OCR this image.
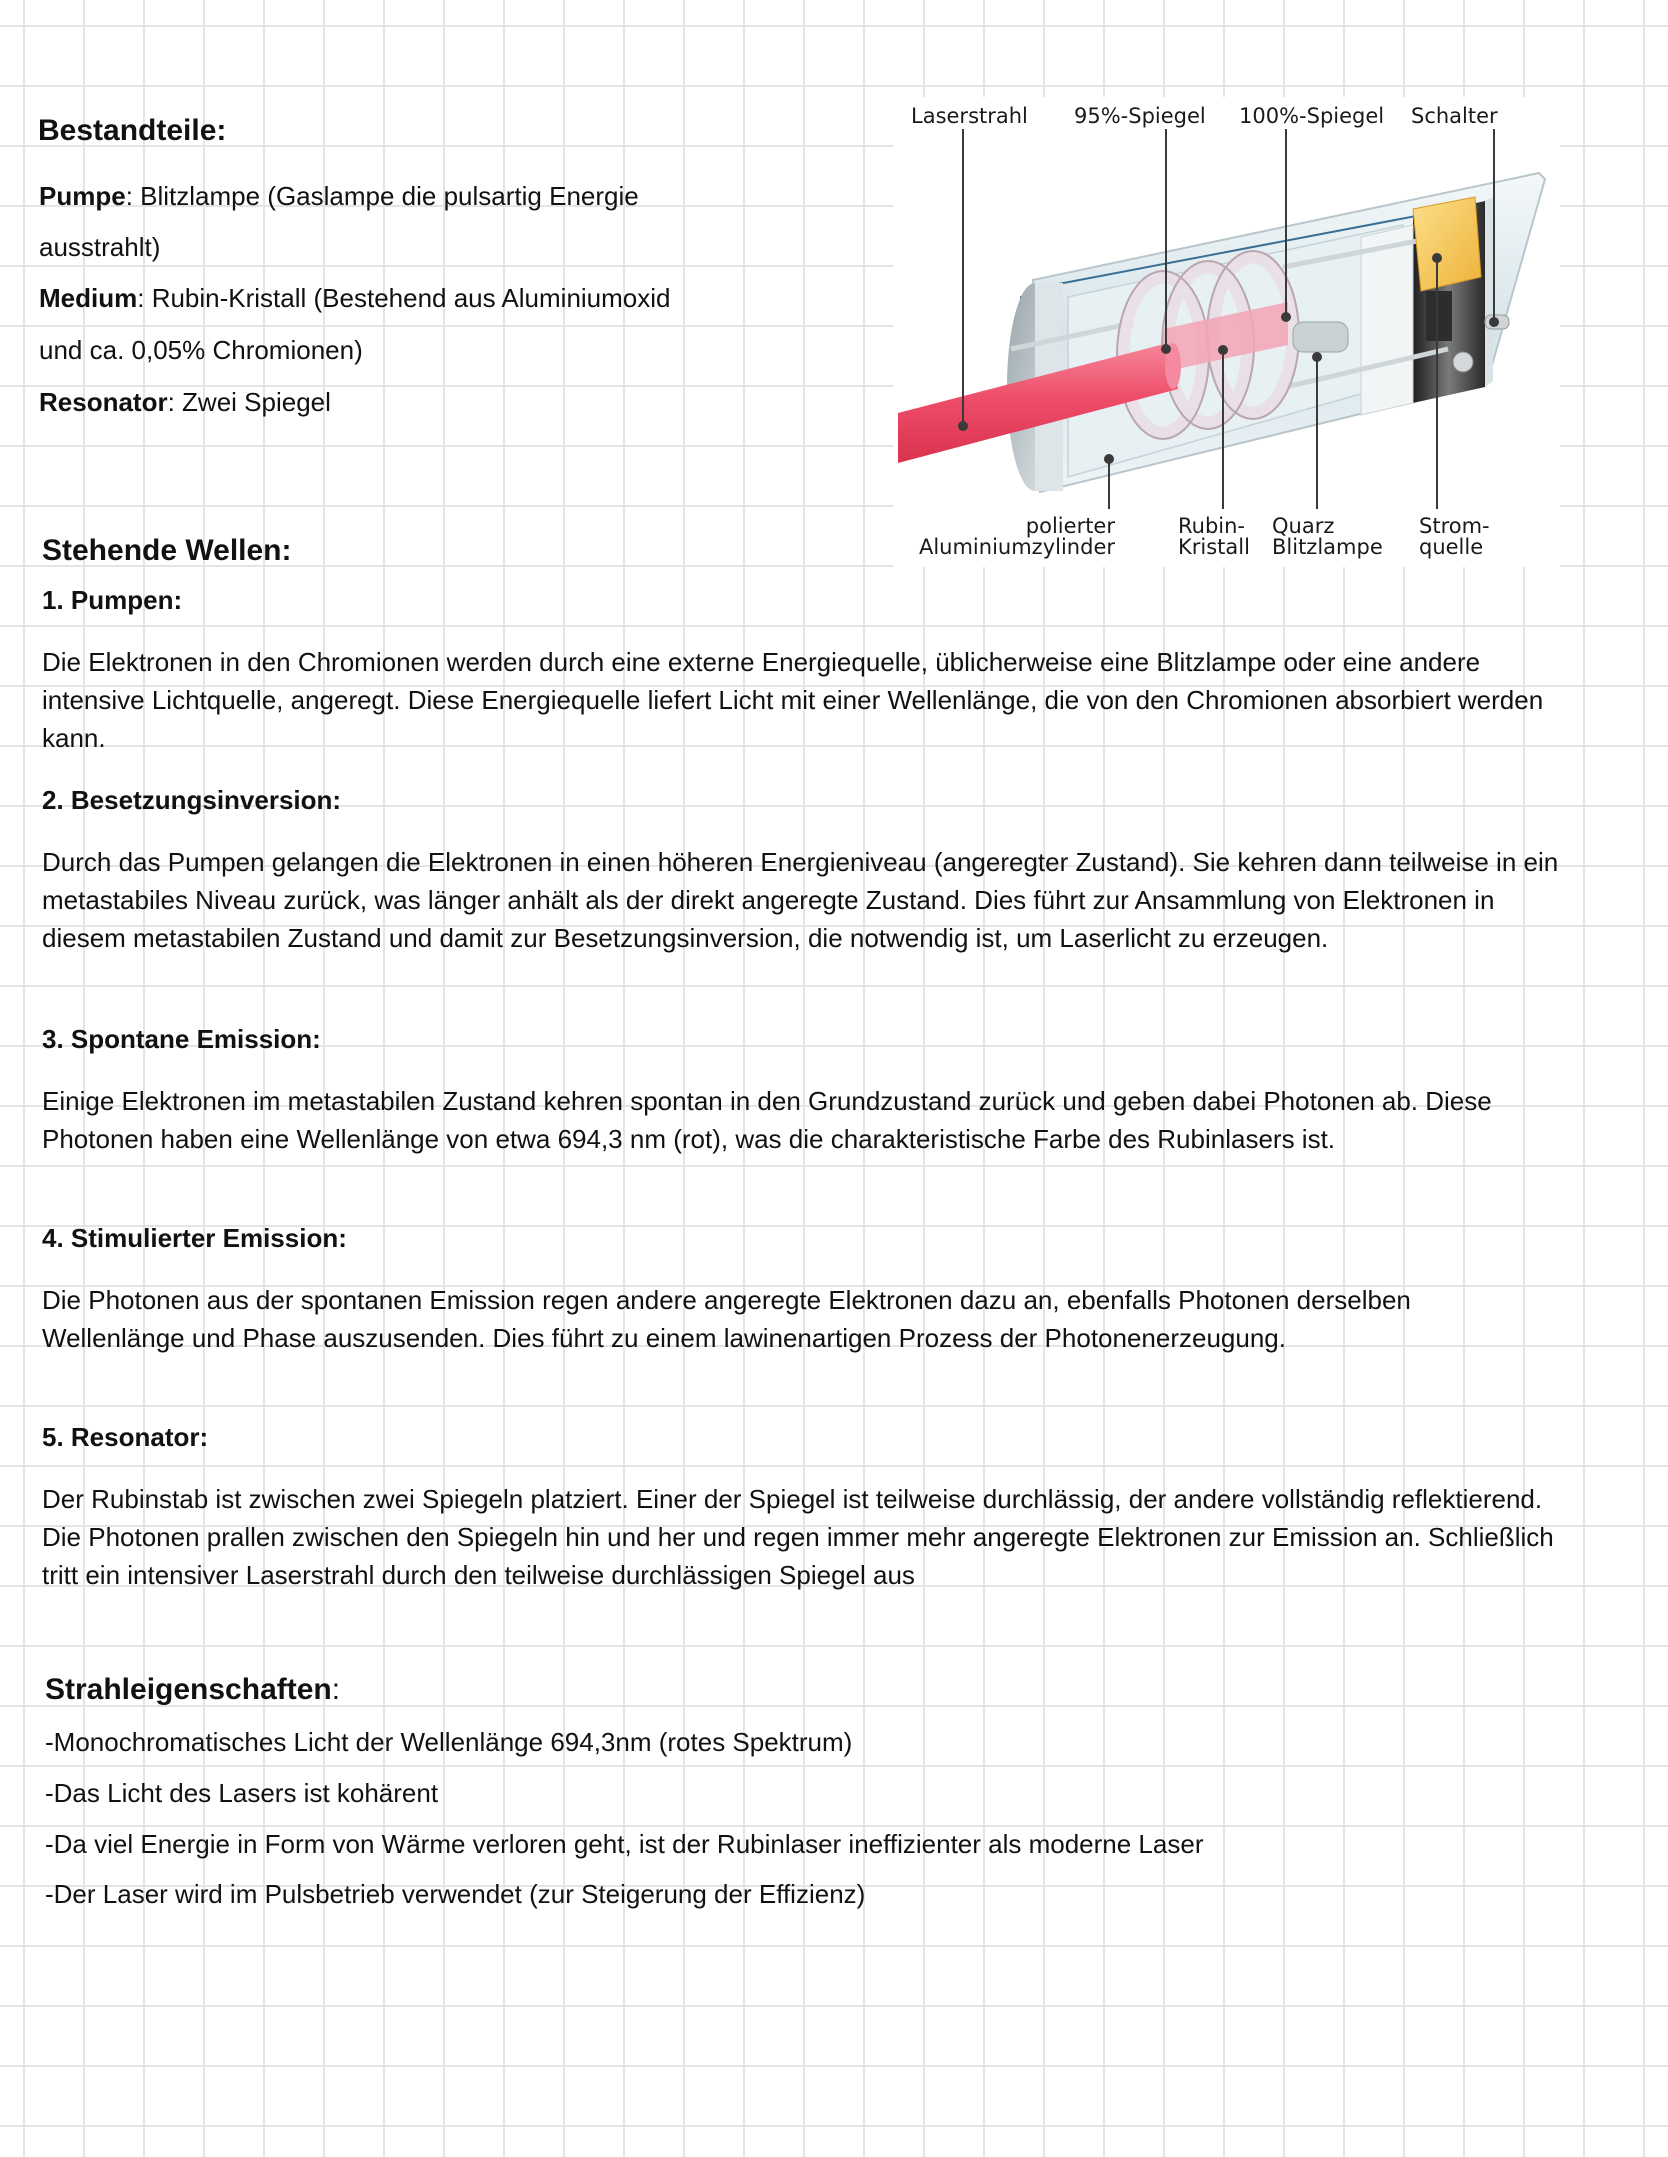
Bestandteile:
Pumpe: Blitzlampe (Gaslampe die pulsartig Energie
ausstrahlt)
Medium: Rubin-Kristall (Bestehend aus Aluminiumoxid
und ca. 0,05% Chromionen)
Resonator: Zwei Spiegel
Laserstrahl 95%-Spiegel 100%-Spiegel Schalter
polierter
Aluminiumzylinder
Rubin-
Kristall
Quarz
Blitzlampe
Strom-
quelle
Stehende Wellen:
1. Pumpen:
Die Elektronen in den Chromionen werden durch eine externe Energiequelle, üblicherweise eine Blitzlampe oder eine andere
intensive Lichtquelle, angeregt. Diese Energiequelle liefert Licht mit einer Wellenlänge, die von den Chromionen absorbiert werden
kann.
2. Besetzungsinversion:
Durch das Pumpen gelangen die Elektronen in einen höheren Energieniveau (angeregter Zustand). Sie kehren dann teilweise in ein
metastabiles Niveau zurück, was länger anhält als der direkt angeregte Zustand. Dies führt zur Ansammlung von Elektronen in
diesem metastabilen Zustand und damit zur Besetzungsinversion, die notwendig ist, um Laserlicht zu erzeugen.
3. Spontane Emission:
Einige Elektronen im metastabilen Zustand kehren spontan in den Grundzustand zurück und geben dabei Photonen ab. Diese
Photonen haben eine Wellenlänge von etwa 694,3 nm (rot), was die charakteristische Farbe des Rubinlasers ist.
4. Stimulierter Emission:
Die Photonen aus der spontanen Emission regen andere angeregte Elektronen dazu an, ebenfalls Photonen derselben
Wellenlänge und Phase auszusenden. Dies führt zu einem lawinenartigen Prozess der Photonenerzeugung.
5. Resonator:
Der Rubinstab ist zwischen zwei Spiegeln platziert. Einer der Spiegel ist teilweise durchlässig, der andere vollständig reflektierend.
Die Photonen prallen zwischen den Spiegeln hin und her und regen immer mehr angeregte Elektronen zur Emission an. Schließlich
tritt ein intensiver Laserstrahl durch den teilweise durchlässigen Spiegel aus
Strahleigenschaften:
-Monochromatisches Licht der Wellenlänge 694,3nm (rotes Spektrum)
-Das Licht des Lasers ist kohärent
-Da viel Energie in Form von Wärme verloren geht, ist der Rubinlaser ineffizienter als moderne Laser
-Der Laser wird im Pulsbetrieb verwendet (zur Steigerung der Effizienz)
